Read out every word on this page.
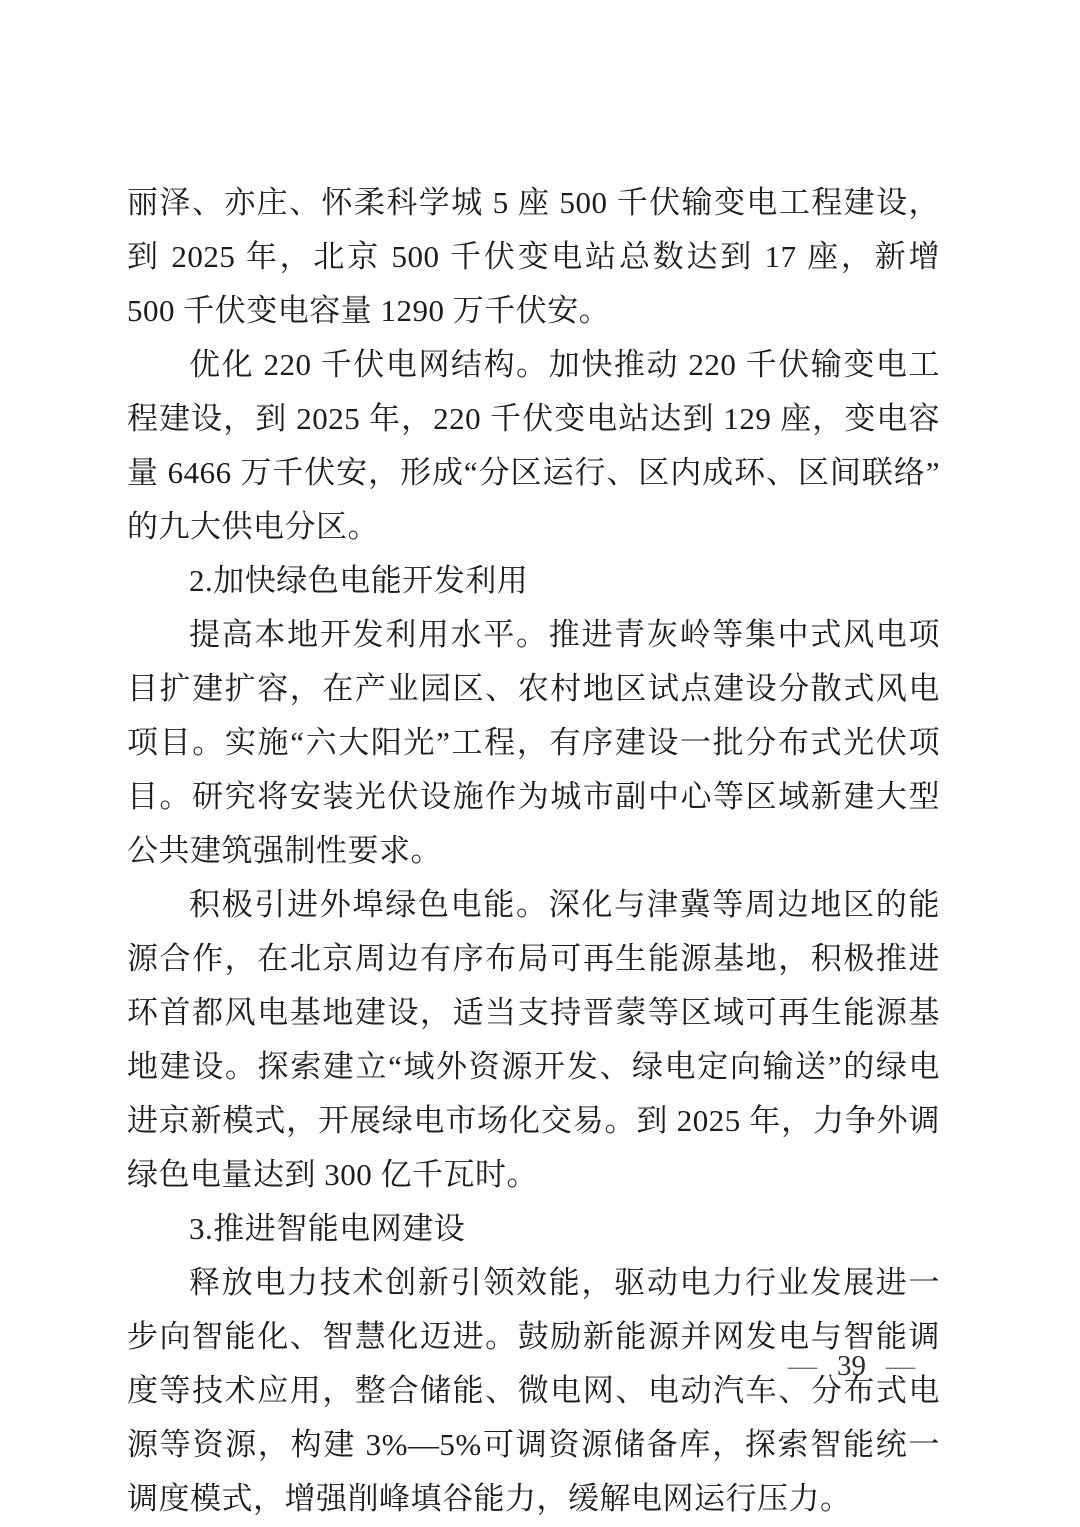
丽泽、亦庄、怀柔科学城 5 座 500 千伏输变电工程建设，到 2025 年，北京 500 千伏变电站总数达到 17 座，新增 500 千伏变电容量 1290 万千伏安。

优化 220 千伏电网结构。加快推动 220 千伏输变电工程建设，到 2025 年，220 千伏变电站达到 129 座，变电容量 6466 万千伏安，形成“分区运行、区内成环、区间联络”的九大供电分区。

2.加快绿色电能开发利用

提高本地开发利用水平。推进青灰岭等集中式风电项目扩建扩容，在产业园区、农村地区试点建设分散式风电项目。实施“六大阳光”工程，有序建设一批分布式光伏项目。研究将安装光伏设施作为城市副中心等区域新建大型公共建筑强制性要求。

积极引进外埠绿色电能。深化与津冀等周边地区的能源合作，在北京周边有序布局可再生能源基地，积极推进环首都风电基地建设，适当支持晋蒙等区域可再生能源基地建设。探索建立“域外资源开发、绿电定向输送”的绿电进京新模式，开展绿电市场化交易。到 2025 年，力争外调绿色电量达到 300 亿千瓦时。

3.推进智能电网建设

释放电力技术创新引领效能，驱动电力行业发展进一步向智能化、智慧化迈进。鼓励新能源并网发电与智能调度等技术应用，整合储能、微电网、电动汽车、分布式电源等资源，构建 3%—5%可调资源储备库，探索智能统一调度模式，增强削峰填谷能力，缓解电网运行压力。

— 39 —
